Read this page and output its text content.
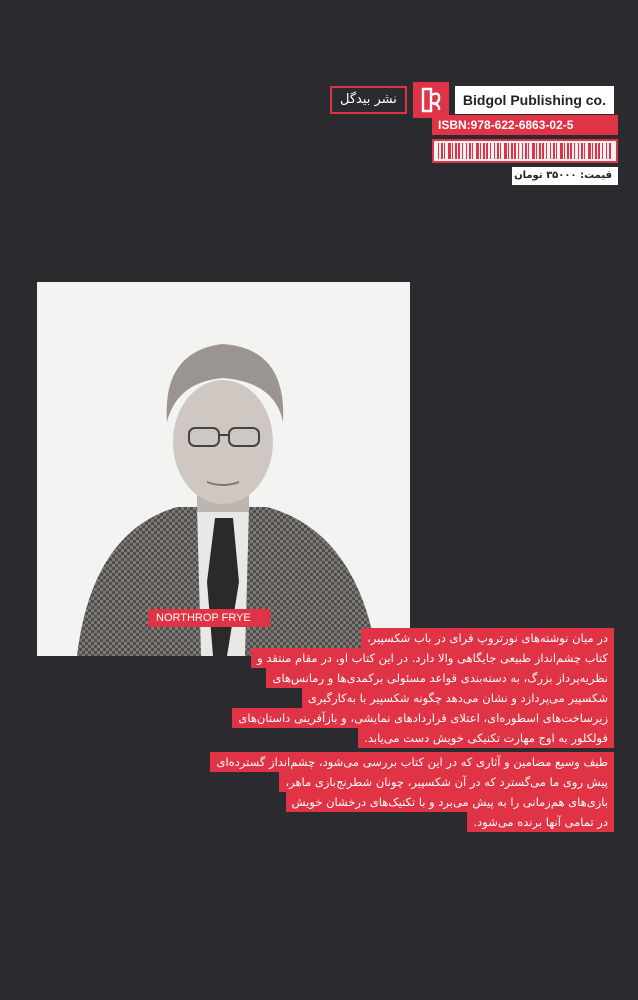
نشر بیدگل	Bidgol Publishing co.
ISBN:978-622-6863-02-5
قیمت: ۳۵۰۰۰ تومان
NORTHROP FRYE
در میان نوشته‌های نورتروپ فرای در باب شکسپیر،
کتاب چشم‌انداز طبیعی جایگاهی والا دارد. در این کتاب او، در مقام منتقد و
نظریه‌پرداز بزرگ، به دسته‌بندی قواعد مسئولی برکمدی‌ها و رمانس‌های
شکسپیر می‌پردازد و نشان می‌دهد چگونه شکسپیر با به‌کارگیری
زیرساخت‌های اسطوره‌ای، اعتلای قراردادهای نمایشی، و بازآفرینی داستان‌های
فولکلور به اوج مهارت تکنیکی خویش دست می‌یابد.
طیف وسیع مضامین و آثاری که در این کتاب بررسی می‌شود، چشم‌انداز گسترده‌ای
پیش روی ما می‌گسترد که در آن شکسپیر، چونان شطرنج‌بازی ماهر،
بازی‌های هم‌زمانی را به پیش می‌برد و با تکنیک‌های درخشان خویش
در تمامی آنها برنده می‌شود.
